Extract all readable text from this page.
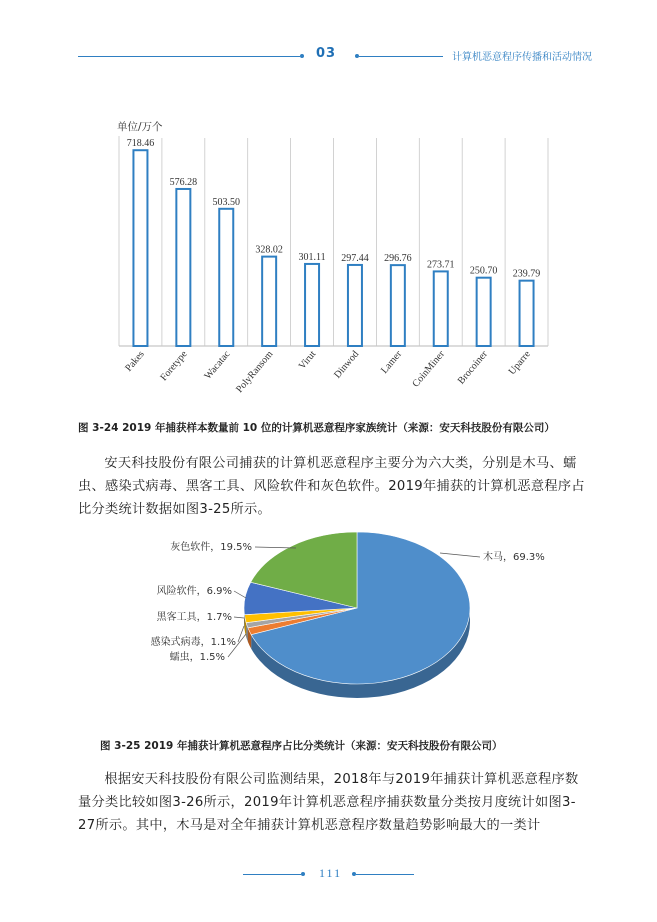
03	计算机恶意程序传播和活动情况
单位/万个
718.46
Pakes
576.28
Foretype
503.50
Wacatac
328.02
PolyRansom
301.11
Virut
297.44
Dinwod
296.76
Lamer
273.71
CoinMiner
250.70
Brocoiner
239.79
Uparre
图 3-24 2019 年捕获样本数量前 10 位的计算机恶意程序家族统计（来源：安天科技股份有限公司）
安天科技股份有限公司捕获的计算机恶意程序主要分为六大类，分别是木马、蠕虫、感染式病毒、黑客工具、风险软件和灰色软件。2019年捕获的计算机恶意程序占比分类统计数据如图3-25所示。
木马，69.3%
蠕虫，1.5%
感染式病毒，1.1%
黑客工具，1.7%
风险软件，6.9%
灰色软件，19.5%
图 3-25 2019 年捕获计算机恶意程序占比分类统计（来源：安天科技股份有限公司）
根据安天科技股份有限公司监测结果，2018年与2019年捕获计算机恶意程序数量分类比较如图3-26所示，2019年计算机恶意程序捕获数量分类按月度统计如图3-27所示。其中，木马是对全年捕获计算机恶意程序数量趋势影响最大的一类计
111
